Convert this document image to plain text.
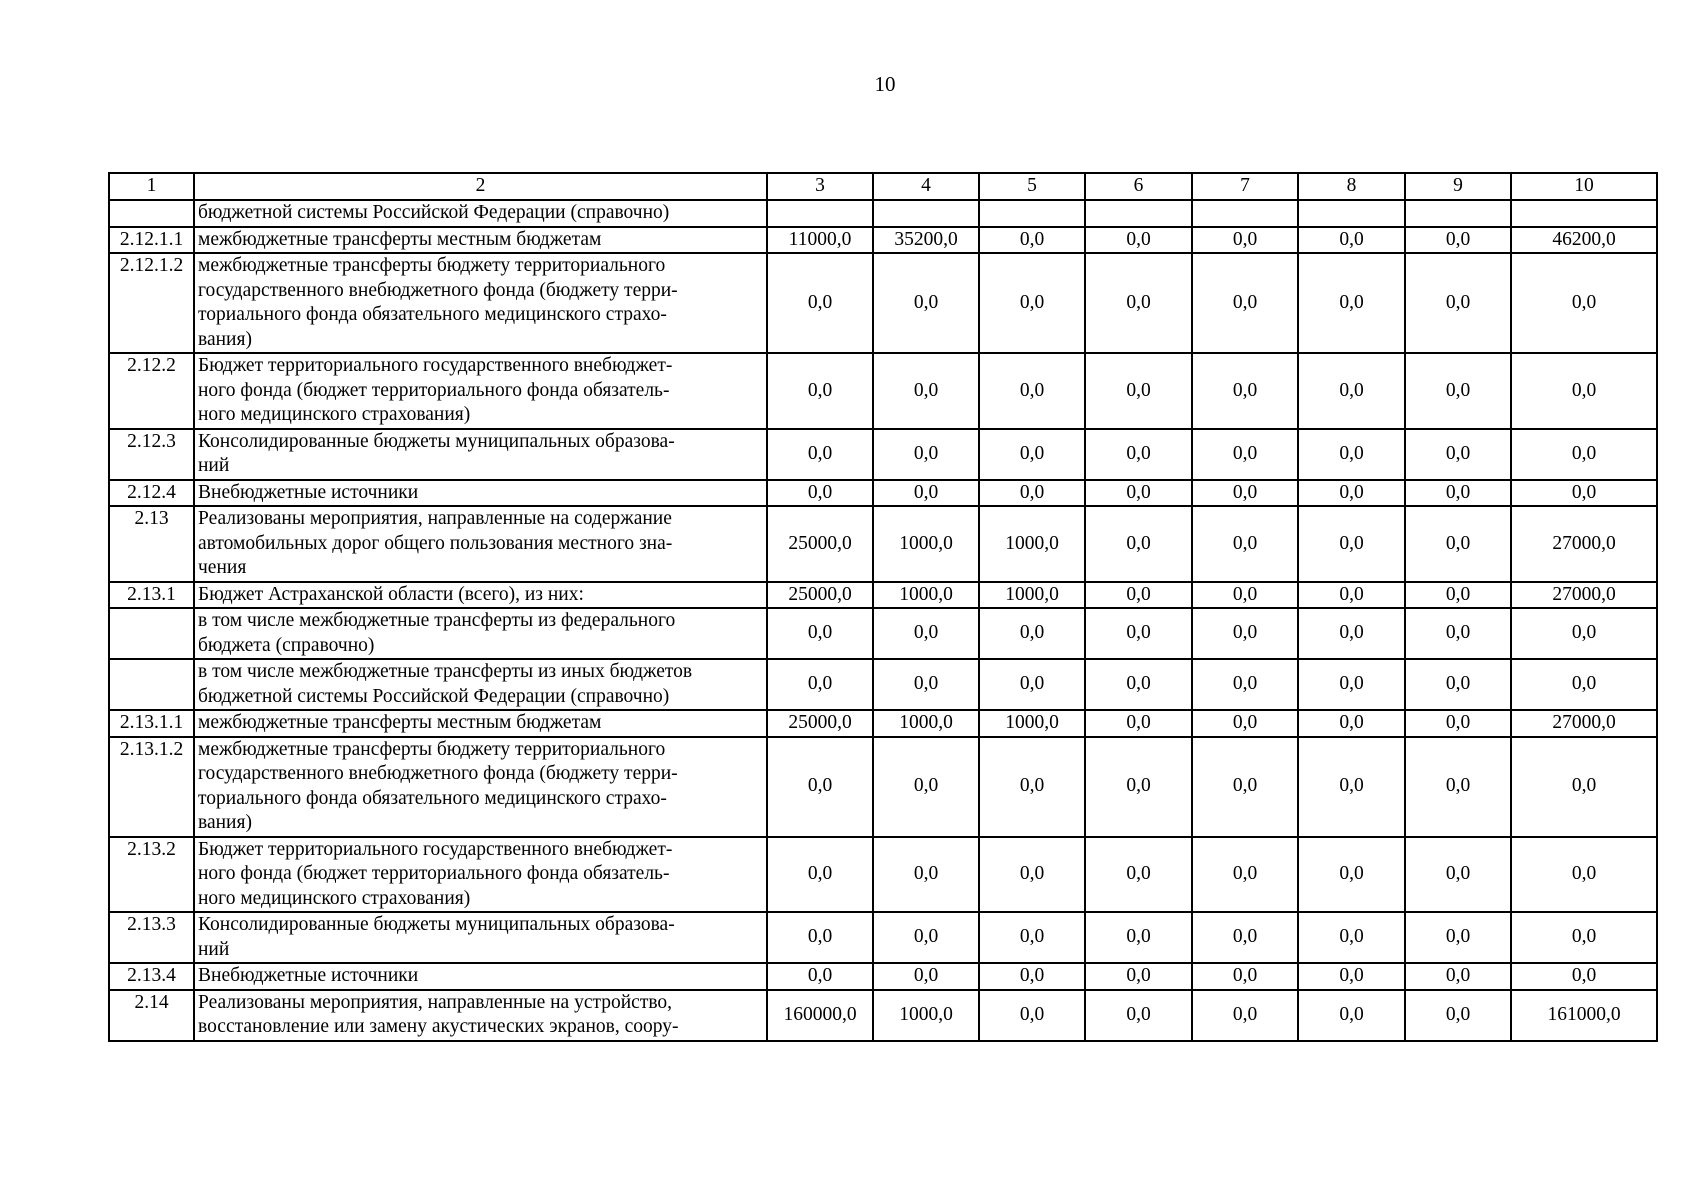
10
1	2	3	4	5	6	7	8	9	10

	бюджетной системы Российской Федерации (справочно)								

2.12.1.1	межбюджетные трансферты местным бюджетам	11000,0	35200,0	0,0	0,0	0,0	0,0	0,0	46200,0
2.12.1.2	межбюджетные трансферты бюджету территориального
государственного внебюджетного фонда (бюджету терри-
ториального фонда обязательного медицинского страхо-
вания)	0,0	0,0	0,0	0,0	0,0	0,0	0,0	0,0
2.12.2	Бюджет территориального государственного внебюджет-
ного фонда (бюджет территориального фонда обязатель-
ного медицинского страхования)	0,0	0,0	0,0	0,0	0,0	0,0	0,0	0,0
2.12.3	Консолидированные бюджеты муниципальных образова-
ний	0,0	0,0	0,0	0,0	0,0	0,0	0,0	0,0
2.12.4	Внебюджетные источники	0,0	0,0	0,0	0,0	0,0	0,0	0,0	0,0
2.13	Реализованы мероприятия, направленные на содержание
автомобильных дорог общего пользования местного зна-
чения	25000,0	1000,0	1000,0	0,0	0,0	0,0	0,0	27000,0
2.13.1	Бюджет Астраханской области (всего), из них:	25000,0	1000,0	1000,0	0,0	0,0	0,0	0,0	27000,0

	в том числе межбюджетные трансферты из федерального
бюджета (справочно)	0,0	0,0	0,0	0,0	0,0	0,0	0,0	0,0

	в том числе межбюджетные трансферты из иных бюджетов
бюджетной системы Российской Федерации (справочно)	0,0	0,0	0,0	0,0	0,0	0,0	0,0	0,0
2.13.1.1	межбюджетные трансферты местным бюджетам	25000,0	1000,0	1000,0	0,0	0,0	0,0	0,0	27000,0
2.13.1.2	межбюджетные трансферты бюджету территориального
государственного внебюджетного фонда (бюджету терри-
ториального фонда обязательного медицинского страхо-
вания)	0,0	0,0	0,0	0,0	0,0	0,0	0,0	0,0
2.13.2	Бюджет территориального государственного внебюджет-
ного фонда (бюджет территориального фонда обязатель-
ного медицинского страхования)	0,0	0,0	0,0	0,0	0,0	0,0	0,0	0,0
2.13.3	Консолидированные бюджеты муниципальных образова-
ний	0,0	0,0	0,0	0,0	0,0	0,0	0,0	0,0
2.13.4	Внебюджетные источники	0,0	0,0	0,0	0,0	0,0	0,0	0,0	0,0
2.14	Реализованы мероприятия, направленные на устройство,
восстановление или замену акустических экранов, соору-	160000,0	1000,0	0,0	0,0	0,0	0,0	0,0	161000,0
